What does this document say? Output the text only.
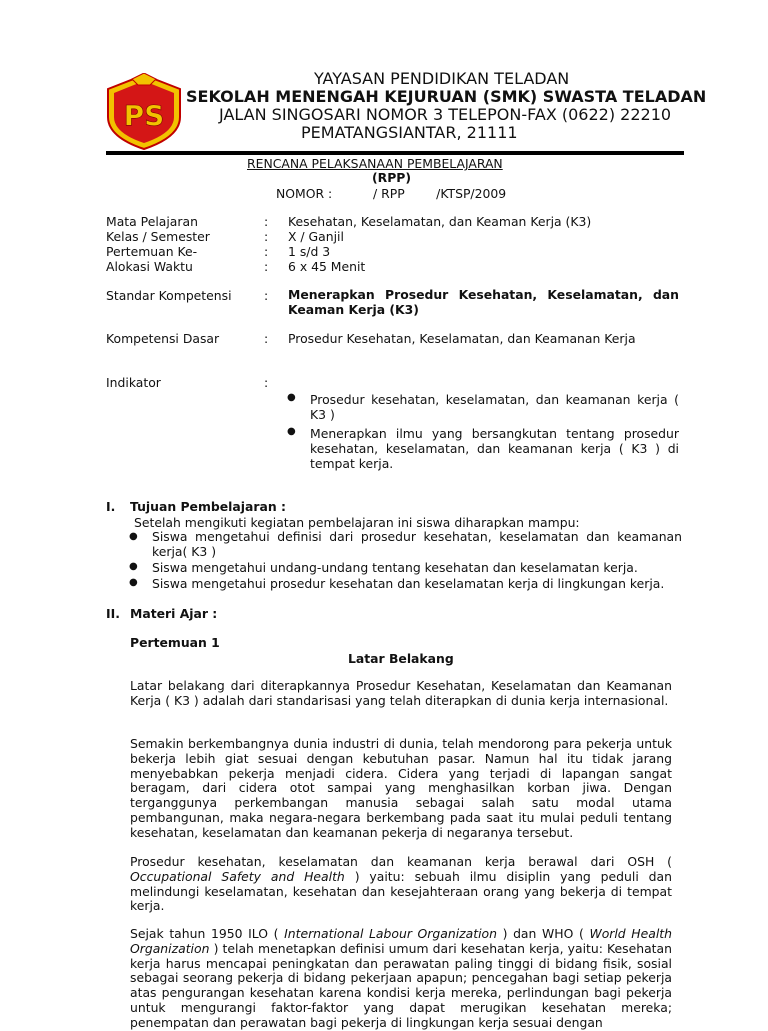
PS
YAYASAN PENDIDIKAN TELADAN
SEKOLAH MENENGAH KEJURUAN (SMK) SWASTA TELADAN
JALAN SINGOSARI NOMOR 3 TELEPON-FAX (0622) 22210
PEMATANGSIANTAR, 21111
RENCANA PELAKSANAAN PEMBELAJARAN
(RPP)
NOMOR :	/ RPP        /KTSP/2009
Mata Pelajaran	: Kesehatan, Keselamatan, dan Keaman Kerja (K3)
Kelas / Semester	: X / Ganjil
Pertemuan Ke-	: 1 s/d 3
Alokasi Waktu	: 6 x 45 Menit
Standar Kompetensi	: Menerapkan Prosedur Kesehatan, Keselamatan, dan Keaman Kerja (K3)
Kompetensi Dasar	: Prosedur Kesehatan, Keselamatan, dan Keamanan Kerja
Indikator	:
● Prosedur kesehatan, keselamatan, dan keamanan kerja ( K3 )
● Menerapkan ilmu yang bersangkutan tentang prosedur kesehatan, keselamatan, dan keamanan kerja ( K3 ) di tempat kerja.
I. Tujuan Pembelajaran :
Setelah mengikuti kegiatan pembelajaran ini siswa diharapkan mampu:
● Siswa mengetahui definisi dari prosedur kesehatan, keselamatan dan keamanan kerja( K3 )
● Siswa mengetahui undang-undang tentang kesehatan dan keselamatan kerja.
● Siswa mengetahui prosedur kesehatan dan keselamatan kerja di lingkungan kerja.
II. Materi Ajar :
Pertemuan 1
Latar Belakang
Latar belakang dari diterapkannya Prosedur Kesehatan, Keselamatan dan Keamanan Kerja ( K3 ) adalah dari standarisasi yang telah diterapkan di dunia kerja internasional.
Semakin berkembangnya dunia industri di dunia, telah mendorong para pekerja untuk bekerja lebih giat sesuai dengan kebutuhan pasar. Namun hal itu tidak jarang menyebabkan pekerja menjadi cidera. Cidera yang terjadi di lapangan sangat beragam, dari cidera otot sampai yang menghasilkan korban jiwa. Dengan terganggunya perkembangan manusia sebagai salah satu modal utama pembangunan, maka negara-negara berkembang pada saat itu mulai peduli tentang kesehatan, keselamatan dan keamanan pekerja di negaranya tersebut.
Prosedur kesehatan, keselamatan dan keamanan kerja berawal dari OSH ( Occupational Safety and Health ) yaitu: sebuah ilmu disiplin yang peduli dan melindungi keselamatan, kesehatan dan kesejahteraan orang yang bekerja di tempat kerja.
Sejak tahun 1950 ILO ( International Labour Organization ) dan WHO ( World Health Organization ) telah menetapkan definisi umum dari kesehatan kerja, yaitu: Kesehatan kerja harus mencapai peningkatan dan perawatan paling tinggi di bidang fisik, sosial sebagai seorang pekerja di bidang pekerjaan apapun; pencegahan bagi setiap pekerja atas pengurangan kesehatan karena kondisi kerja mereka, perlindungan bagi pekerja untuk mengurangi faktor-faktor yang dapat merugikan kesehatan mereka; penempatan dan perawatan bagi pekerja di lingkungan kerja sesuai dengan
